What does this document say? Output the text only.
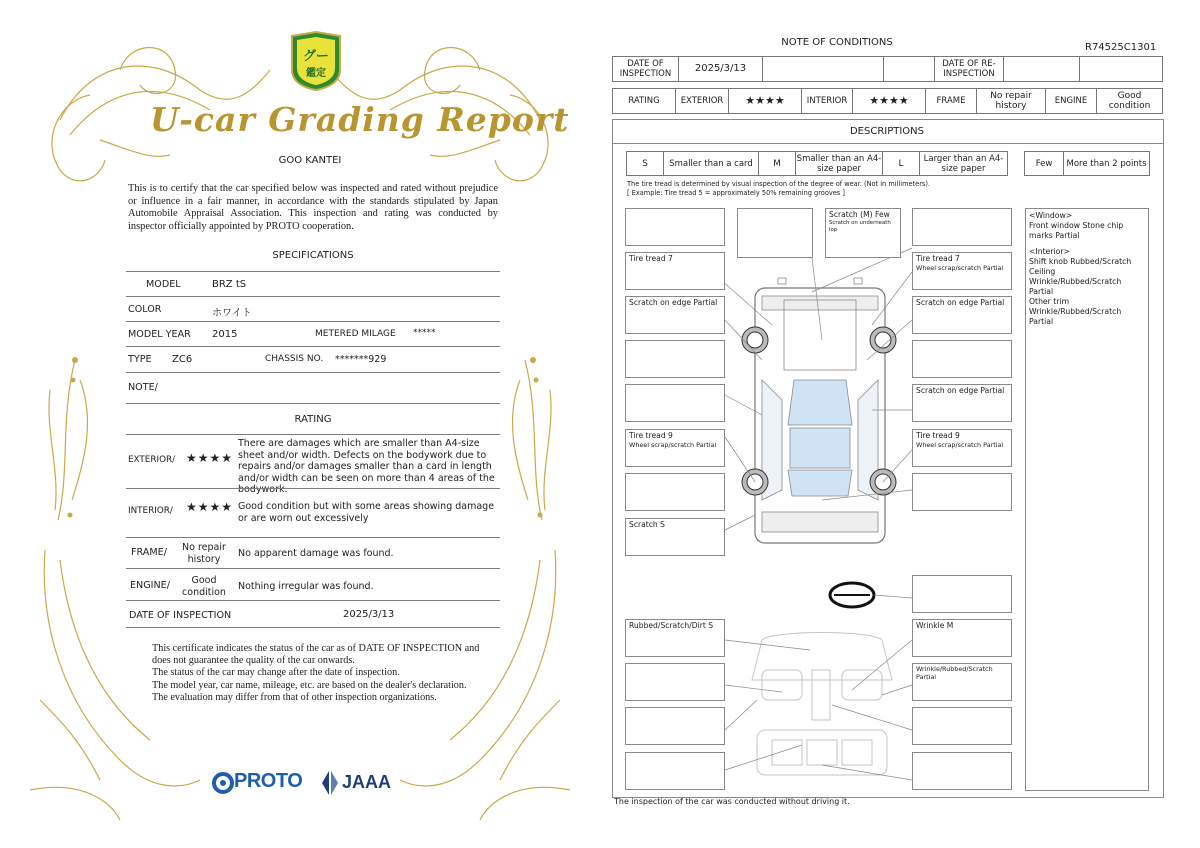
グー
鑑定
U-car Grading Report
GOO KANTEI
This is to certify that the car specified below was inspected and rated without prejudice or influence in a fair manner, in accordance with the standards stipulated by Japan Automobile Appraisal Association. This inspection and rating was conducted by inspector officially appointed by PROTO cooperation.
SPECIFICATIONS
MODEL	BRZ tS
COLOR	ホワイト
MODEL YEAR 2015	METERED MILAGE *****
TYPE ZC6	CHASSIS NO. *******929
NOTE/
RATING
EXTERIOR/ ★★★★
There are damages which are smaller than A4-size sheet and/or width. Defects on the bodywork due to repairs and/or damages smaller than a card in length and/or width can be seen on more than 4 areas of the bodywork.
INTERIOR/ ★★★★ Good condition but with some areas showing damage or are worn out excessively
FRAME/	No repair history	No apparent damage was found.
ENGINE/	Good condition	Nothing irregular was found.
DATE OF INSPECTION	2025/3/13
This certificate indicates the status of the car as of DATE OF INSPECTION and does not guarantee the quality of the car onwards.
The status of the car may change after the date of inspection.
The model year, car name, mileage, etc. are based on the dealer's declaration.
The evaluation may differ from that of other inspection organizations.
PROTO JAAA
NOTE OF CONDITIONS	R74525C1301
DATE OF INSPECTION	2025/3/13			DATE OF RE-INSPECTION		
RATING	EXTERIOR	★★★★	INTERIOR	★★★★	FRAME	No repair history	ENGINE	Good condition
DESCRIPTIONS
S	Smaller than a card	M	Smaller than an A4-size paper	L	Larger than an A4-size paper	Few	More than 2 points
The tire tread is determined by visual inspection of the degree of wear. (Not in millimeters).
[ Example: Tire tread 5 = approximately 50% remaining grooves ]
Tire tread 7
Scratch on edge Partial
Tire tread 9
Wheel scrap/scratch Partial
Scratch S
Rubbed/Scratch/Dirt S
Scratch (M) Few
Scratch on underneath lop
Tire tread 7
Wheel scrap/scratch Partial
Scratch on edge Partial
Scratch on edge Partial
Tire tread 9
Wheel scrap/scratch Partial
Wrinkle M
Wrinkle/Rubbed/Scratch Partial
<Window>
Front window Stone chip marks Partial
<Interior>
Shift knob Rubbed/Scratch
Ceiling
Wrinkle/Rubbed/Scratch Partial
Other trim
Wrinkle/Rubbed/Scratch Partial
The inspection of the car was conducted without driving it.
